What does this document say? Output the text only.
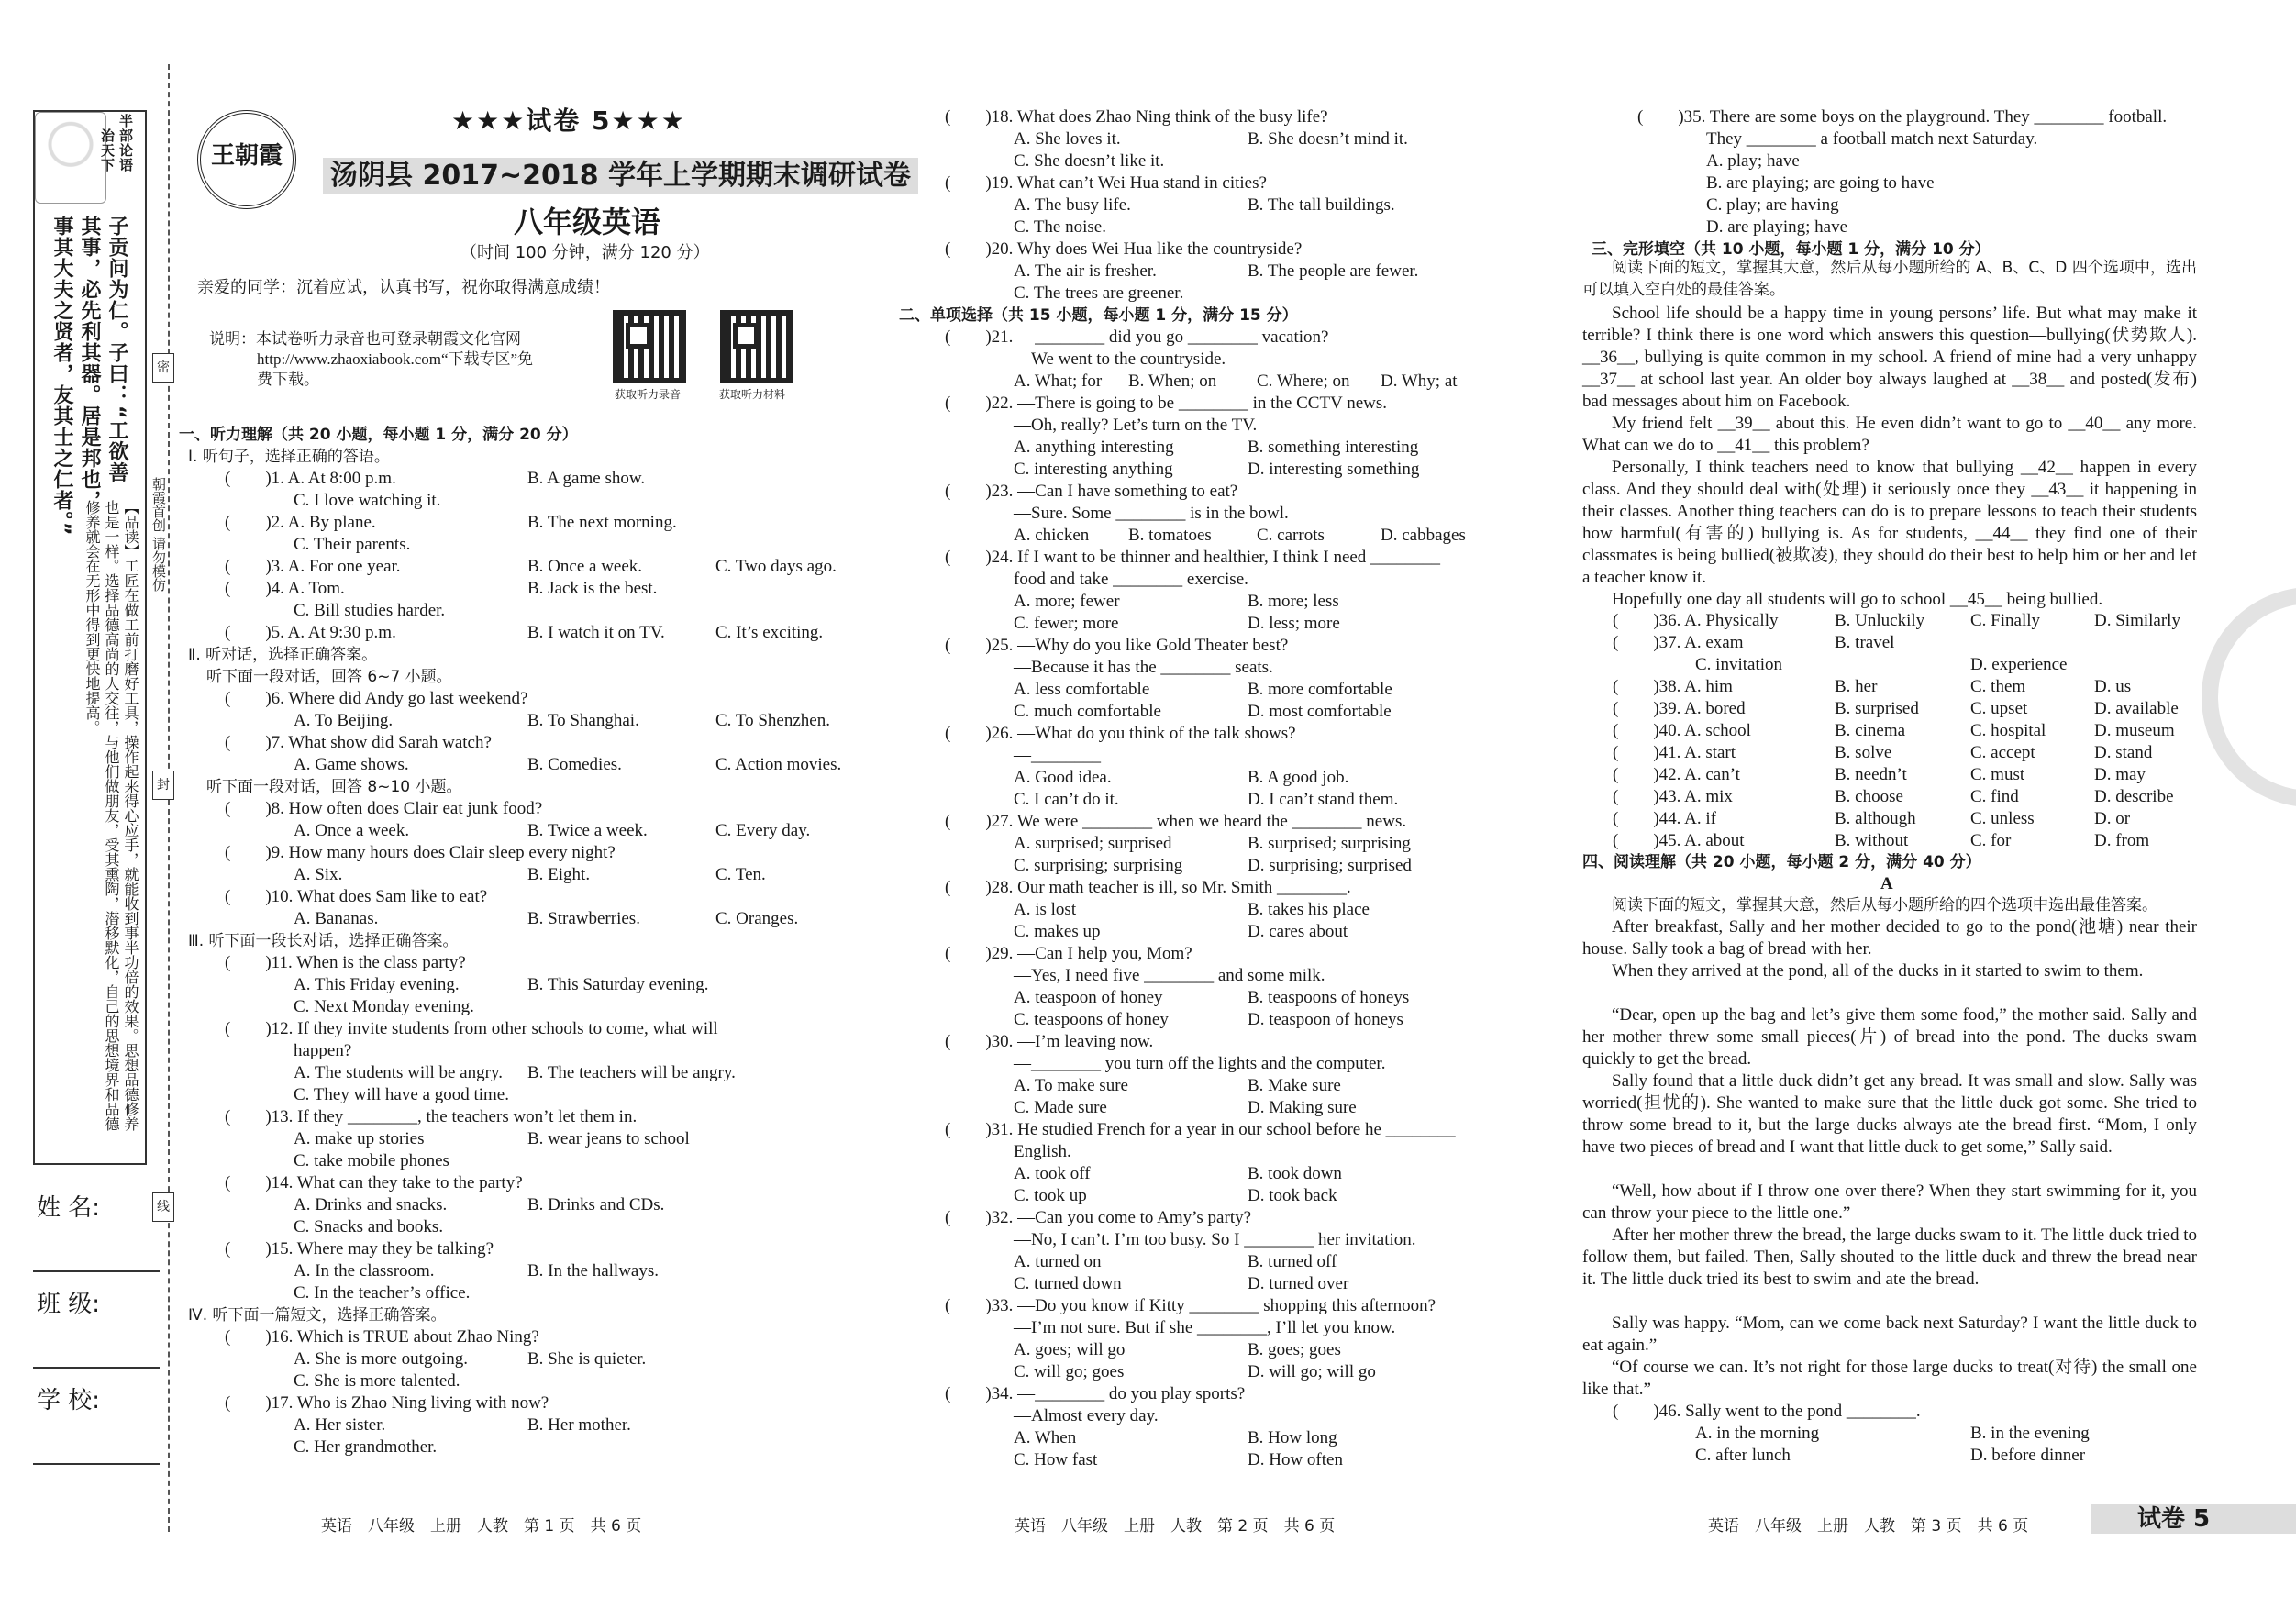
半部论语
治天下
子贡问为仁。子曰：“工欲善
其事，必先利其器。居是邦也，
事其大夫之贤者，友其士之仁者。”
【品读】工匠在做工前打磨好工具，操作起来得心应手，就能收到事半功倍的效果。思想品德修养也是一样。选择品德高尚的人交往，与他们做朋友，受其熏陶，潜移默化，自己的思想境界和品德修养就会在无形中得到更快地提高。
姓 名:
班 级:
学 校:
密
朝霞首创 请勿模仿
封
线
王朝霞
★★★试卷 5★★★
汤阴县 2017~2018 学年上学期期末调研试卷
八年级英语
（时间 100 分钟，满分 120 分）
亲爱的同学：沉着应试，认真书写，祝你取得满意成绩！
说明：本试卷听力录音也可登录朝霞文化官网
http://www.zhaoxiabook.com“下载专区”免
费下载。
获取听力录音	获取听力材料
一、听力理解（共 20 小题，每小题 1 分，满分 20 分）
Ⅰ. 听句子，选择正确的答语。
(　　)1. A. At 8:00 p.m.	B. A game show.
C. I love watching it.
(　　)2. A. By plane.	B. The next morning.
C. Their parents.
(　　)3. A. For one year.	B. Once a week.	C. Two days ago.
(　　)4. A. Tom.	B. Jack is the best.
C. Bill studies harder.
(　　)5. A. At 9:30 p.m.	B. I watch it on TV.	C. It’s exciting.
Ⅱ. 听对话，选择正确答案。
听下面一段对话，回答 6~7 小题。
(　　)6. Where did Andy go last weekend?
A. To Beijing.	B. To Shanghai.	C. To Shenzhen.
(　　)7. What show did Sarah watch?
A. Game shows.	B. Comedies.	C. Action movies.
听下面一段对话，回答 8~10 小题。
(　　)8. How often does Clair eat junk food?
A. Once a week.	B. Twice a week.	C. Every day.
(　　)9. How many hours does Clair sleep every night?
A. Six.	B. Eight.	C. Ten.
(　　)10. What does Sam like to eat?
A. Bananas.	B. Strawberries.	C. Oranges.
Ⅲ. 听下面一段长对话，选择正确答案。
(　　)11. When is the class party?
A. This Friday evening.	B. This Saturday evening.
C. Next Monday evening.
(　　)12. If they invite students from other schools to come, what will
happen?
A. The students will be angry. B. The teachers will be angry.
C. They will have a good time.
(　　)13. If they ________, the teachers won’t let them in.
A. make up stories	B. wear jeans to school
C. take mobile phones
(　　)14. What can they take to the party?
A. Drinks and snacks.	B. Drinks and CDs.
C. Snacks and books.
(　　)15. Where may they be talking?
A. In the classroom.	B. In the hallways.
C. In the teacher’s office.
Ⅳ. 听下面一篇短文，选择正确答案。
(　　)16. Which is TRUE about Zhao Ning?
A. She is more outgoing.	B. She is quieter.
C. She is more talented.
(　　)17. Who is Zhao Ning living with now?
A. Her sister.	B. Her mother.
C. Her grandmother.
(　　)18. What does Zhao Ning think of the busy life?
A. She loves it.	B. She doesn’t mind it.
C. She doesn’t like it.
(　　)19. What can’t Wei Hua stand in cities?
A. The busy life.	B. The tall buildings.
C. The noise.
(　　)20. Why does Wei Hua like the countryside?
A. The air is fresher.	B. The people are fewer.
C. The trees are greener.
二、单项选择（共 15 小题，每小题 1 分，满分 15 分）
(　　)21. —________ did you go ________ vacation?
—We went to the countryside.
A. What; for B. When; on C. Where; on D. Why; at
(　　)22. —There is going to be ________ in the CCTV news.
—Oh, really? Let’s turn on the TV.
A. anything interesting	B. something interesting
C. interesting anything	D. interesting something
(　　)23. —Can I have something to eat?
—Sure. Some ________ is in the bowl.
A. chicken B. tomatoes	C. carrots	D. cabbages
(　　)24. If I want to be thinner and healthier, I think I need ________
food and take ________ exercise.
A. more; fewer	B. more; less
C. fewer; more	D. less; more
(　　)25. —Why do you like Gold Theater best?
—Because it has the ________ seats.
A. less comfortable	B. more comfortable
C. much comfortable	D. most comfortable
(　　)26. —What do you think of the talk shows?
—________
A. Good idea.	B. A good job.
C. I can’t do it.	D. I can’t stand them.
(　　)27. We were ________ when we heard the ________ news.
A. surprised; surprised	B. surprised; surprising
C. surprising; surprising	D. surprising; surprised
(　　)28. Our math teacher is ill, so Mr. Smith ________.
A. is lost	B. takes his place
C. makes up	D. cares about
(　　)29. —Can I help you, Mom?
—Yes, I need five ________ and some milk.
A. teaspoon of honey	B. teaspoons of honeys
C. teaspoons of honey	D. teaspoon of honeys
(　　)30. —I’m leaving now.
—________ you turn off the lights and the computer.
A. To make sure	B. Make sure
C. Made sure	D. Making sure
(　　)31. He studied French for a year in our school before he ________
English.
A. took off	B. took down
C. took up	D. took back
(　　)32. —Can you come to Amy’s party?
—No, I can’t. I’m too busy. So I ________ her invitation.
A. turned on	B. turned off
C. turned down	D. turned over
(　　)33. —Do you know if Kitty ________ shopping this afternoon?
—I’m not sure. But if she ________, I’ll let you know.
A. goes; will go	B. goes; goes
C. will go; goes	D. will go; will go
(　　)34. —________ do you play sports?
—Almost every day.
A. When	B. How long
C. How fast	D. How often
(　　)35. There are some boys on the playground. They ________ football.
They ________ a football match next Saturday.
A. play; have
B. are playing; are going to have
C. play; are having
D. are playing; have
三、完形填空（共 10 小题，每小题 1 分，满分 10 分）
阅读下面的短文，掌握其大意，然后从每小题所给的 A、B、C、D 四个选项中，选出可以填入空白处的最佳答案。
School life should be a happy time in young persons’ life. But what may make it terrible? I think there is one word which answers this question—bullying(伏势欺人). __36__, bullying is quite common in my school. A friend of mine had a very unhappy __37__ at school last year. An older boy always laughed at __38__ and posted(发布) bad messages about him on Facebook.
My friend felt __39__ about this. He even didn’t want to go to __40__ any more. What can we do to __41__ this problem?
Personally, I think teachers need to know that bullying __42__ happen in every class. And they should deal with(处理) it seriously once they __43__ it happening in their classes. Another thing teachers can do is to prepare lessons to teach their students how harmful(有害的) bullying is. As for students, __44__ they find one of their classmates is being bullied(被欺凌), they should do their best to help him or her and let a teacher know it.
Hopefully one day all students will go to school __45__ being bullied.
(　　)36. A. Physically	B. Unluckily	C. Finally	D. Similarly
(　　)37. A. exam	B. travel
C. invitation	D. experience
(　　)38. A. him	B. her	C. them	D. us
(　　)39. A. bored	B. surprised	C. upset	D. available
(　　)40. A. school	B. cinema	C. hospital	D. museum
(　　)41. A. start	B. solve	C. accept	D. stand
(　　)42. A. can’t	B. needn’t	C. must	D. may
(　　)43. A. mix	B. choose	C. find	D. describe
(　　)44. A. if	B. although	C. unless	D. or
(　　)45. A. about	B. without	C. for	D. from
四、阅读理解（共 20 小题，每小题 2 分，满分 40 分）
A
阅读下面的短文，掌握其大意，然后从每小题所给的四个选项中选出最佳答案。
After breakfast, Sally and her mother decided to go to the pond(池塘) near their house. Sally took a bag of bread with her.
When they arrived at the pond, all of the ducks in it started to swim to them.
“Dear, open up the bag and let’s give them some food,” the mother said. Sally and her mother threw some small pieces(片) of bread into the pond. The ducks swam quickly to get the bread.
Sally found that a little duck didn’t get any bread. It was small and slow. Sally was worried(担忧的). She wanted to make sure that the little duck got some. She tried to throw some bread to it, but the large ducks always ate the bread first. “Mom, I only have two pieces of bread and I want that little duck to get some,” Sally said.
“Well, how about if I throw one over there? When they start swimming for it, you can throw your piece to the little one.”
After her mother threw the bread, the large ducks swam to it. The little duck tried to follow them, but failed. Then, Sally shouted to the little duck and threw the bread near it. The little duck tried its best to swim and ate the bread.
Sally was happy. “Mom, can we come back next Saturday? I want the little duck to eat again.”
“Of course we can. It’s not right for those large ducks to treat(对待) the small one like that.”
(　　)46. Sally went to the pond ________.
A. in the morning	B. in the evening
C. after lunch	D. before dinner
英语　八年级　上册　人教　第 1 页　共 6 页	英语　八年级　上册　人教　第 2 页　共 6 页	英语　八年级　上册　人教　第 3 页　共 6 页	试卷 5
